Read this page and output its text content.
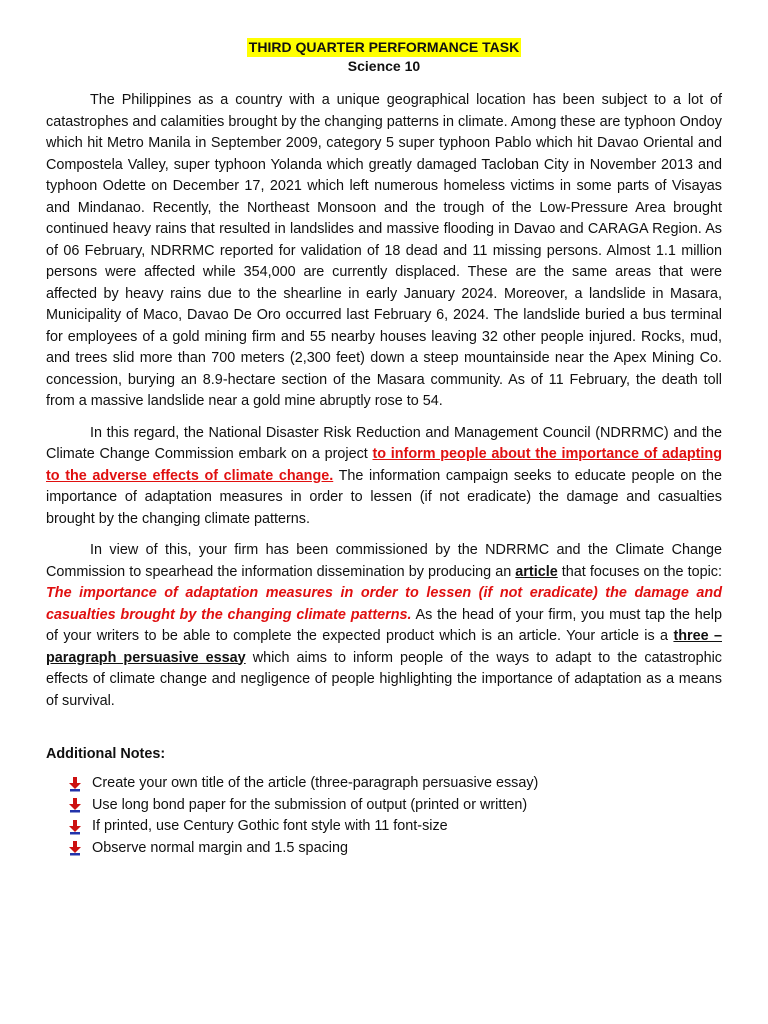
THIRD QUARTER PERFORMANCE TASK
Science 10

The Philippines as a country with a unique geographical location has been subject to a lot of catastrophes and calamities brought by the changing patterns in climate. Among these are typhoon Ondoy which hit Metro Manila in September 2009, category 5 super typhoon Pablo which hit Davao Oriental and Compostela Valley, super typhoon Yolanda which greatly damaged Tacloban City in November 2013 and typhoon Odette on December 17, 2021 which left numerous homeless victims in some parts of Visayas and Mindanao. Recently, the Northeast Monsoon and the trough of the Low-Pressure Area brought continued heavy rains that resulted in landslides and massive flooding in Davao and CARAGA Region. As of 06 February, NDRRMC reported for validation of 18 dead and 11 missing persons. Almost 1.1 million persons were affected while 354,000 are currently displaced. These are the same areas that were affected by heavy rains due to the shearline in early January 2024. Moreover, a landslide in Masara, Municipality of Maco, Davao De Oro occurred last February 6, 2024. The landslide buried a bus terminal for employees of a gold mining firm and 55 nearby houses leaving 32 other people injured. Rocks, mud, and trees slid more than 700 meters (2,300 feet) down a steep mountainside near the Apex Mining Co. concession, burying an 8.9-hectare section of the Masara community. As of 11 February, the death toll from a massive landslide near a gold mine abruptly rose to 54.

In this regard, the National Disaster Risk Reduction and Management Council (NDRRMC) and the Climate Change Commission embark on a project to inform people about the importance of adapting to the adverse effects of climate change. The information campaign seeks to educate people on the importance of adaptation measures in order to lessen (if not eradicate) the damage and casualties brought by the changing climate patterns.

In view of this, your firm has been commissioned by the NDRRMC and the Climate Change Commission to spearhead the information dissemination by producing an article that focuses on the topic: The importance of adaptation measures in order to lessen (if not eradicate) the damage and casualties brought by the changing climate patterns. As the head of your firm, you must tap the help of your writers to be able to complete the expected product which is an article. Your article is a three – paragraph persuasive essay which aims to inform people of the ways to adapt to the catastrophic effects of climate change and negligence of people highlighting the importance of adaptation as a means of survival.

Additional Notes:
Create your own title of the article (three-paragraph persuasive essay)
Use long bond paper for the submission of output (printed or written)
If printed, use Century Gothic font style with 11 font-size
Observe normal margin and 1.5 spacing
